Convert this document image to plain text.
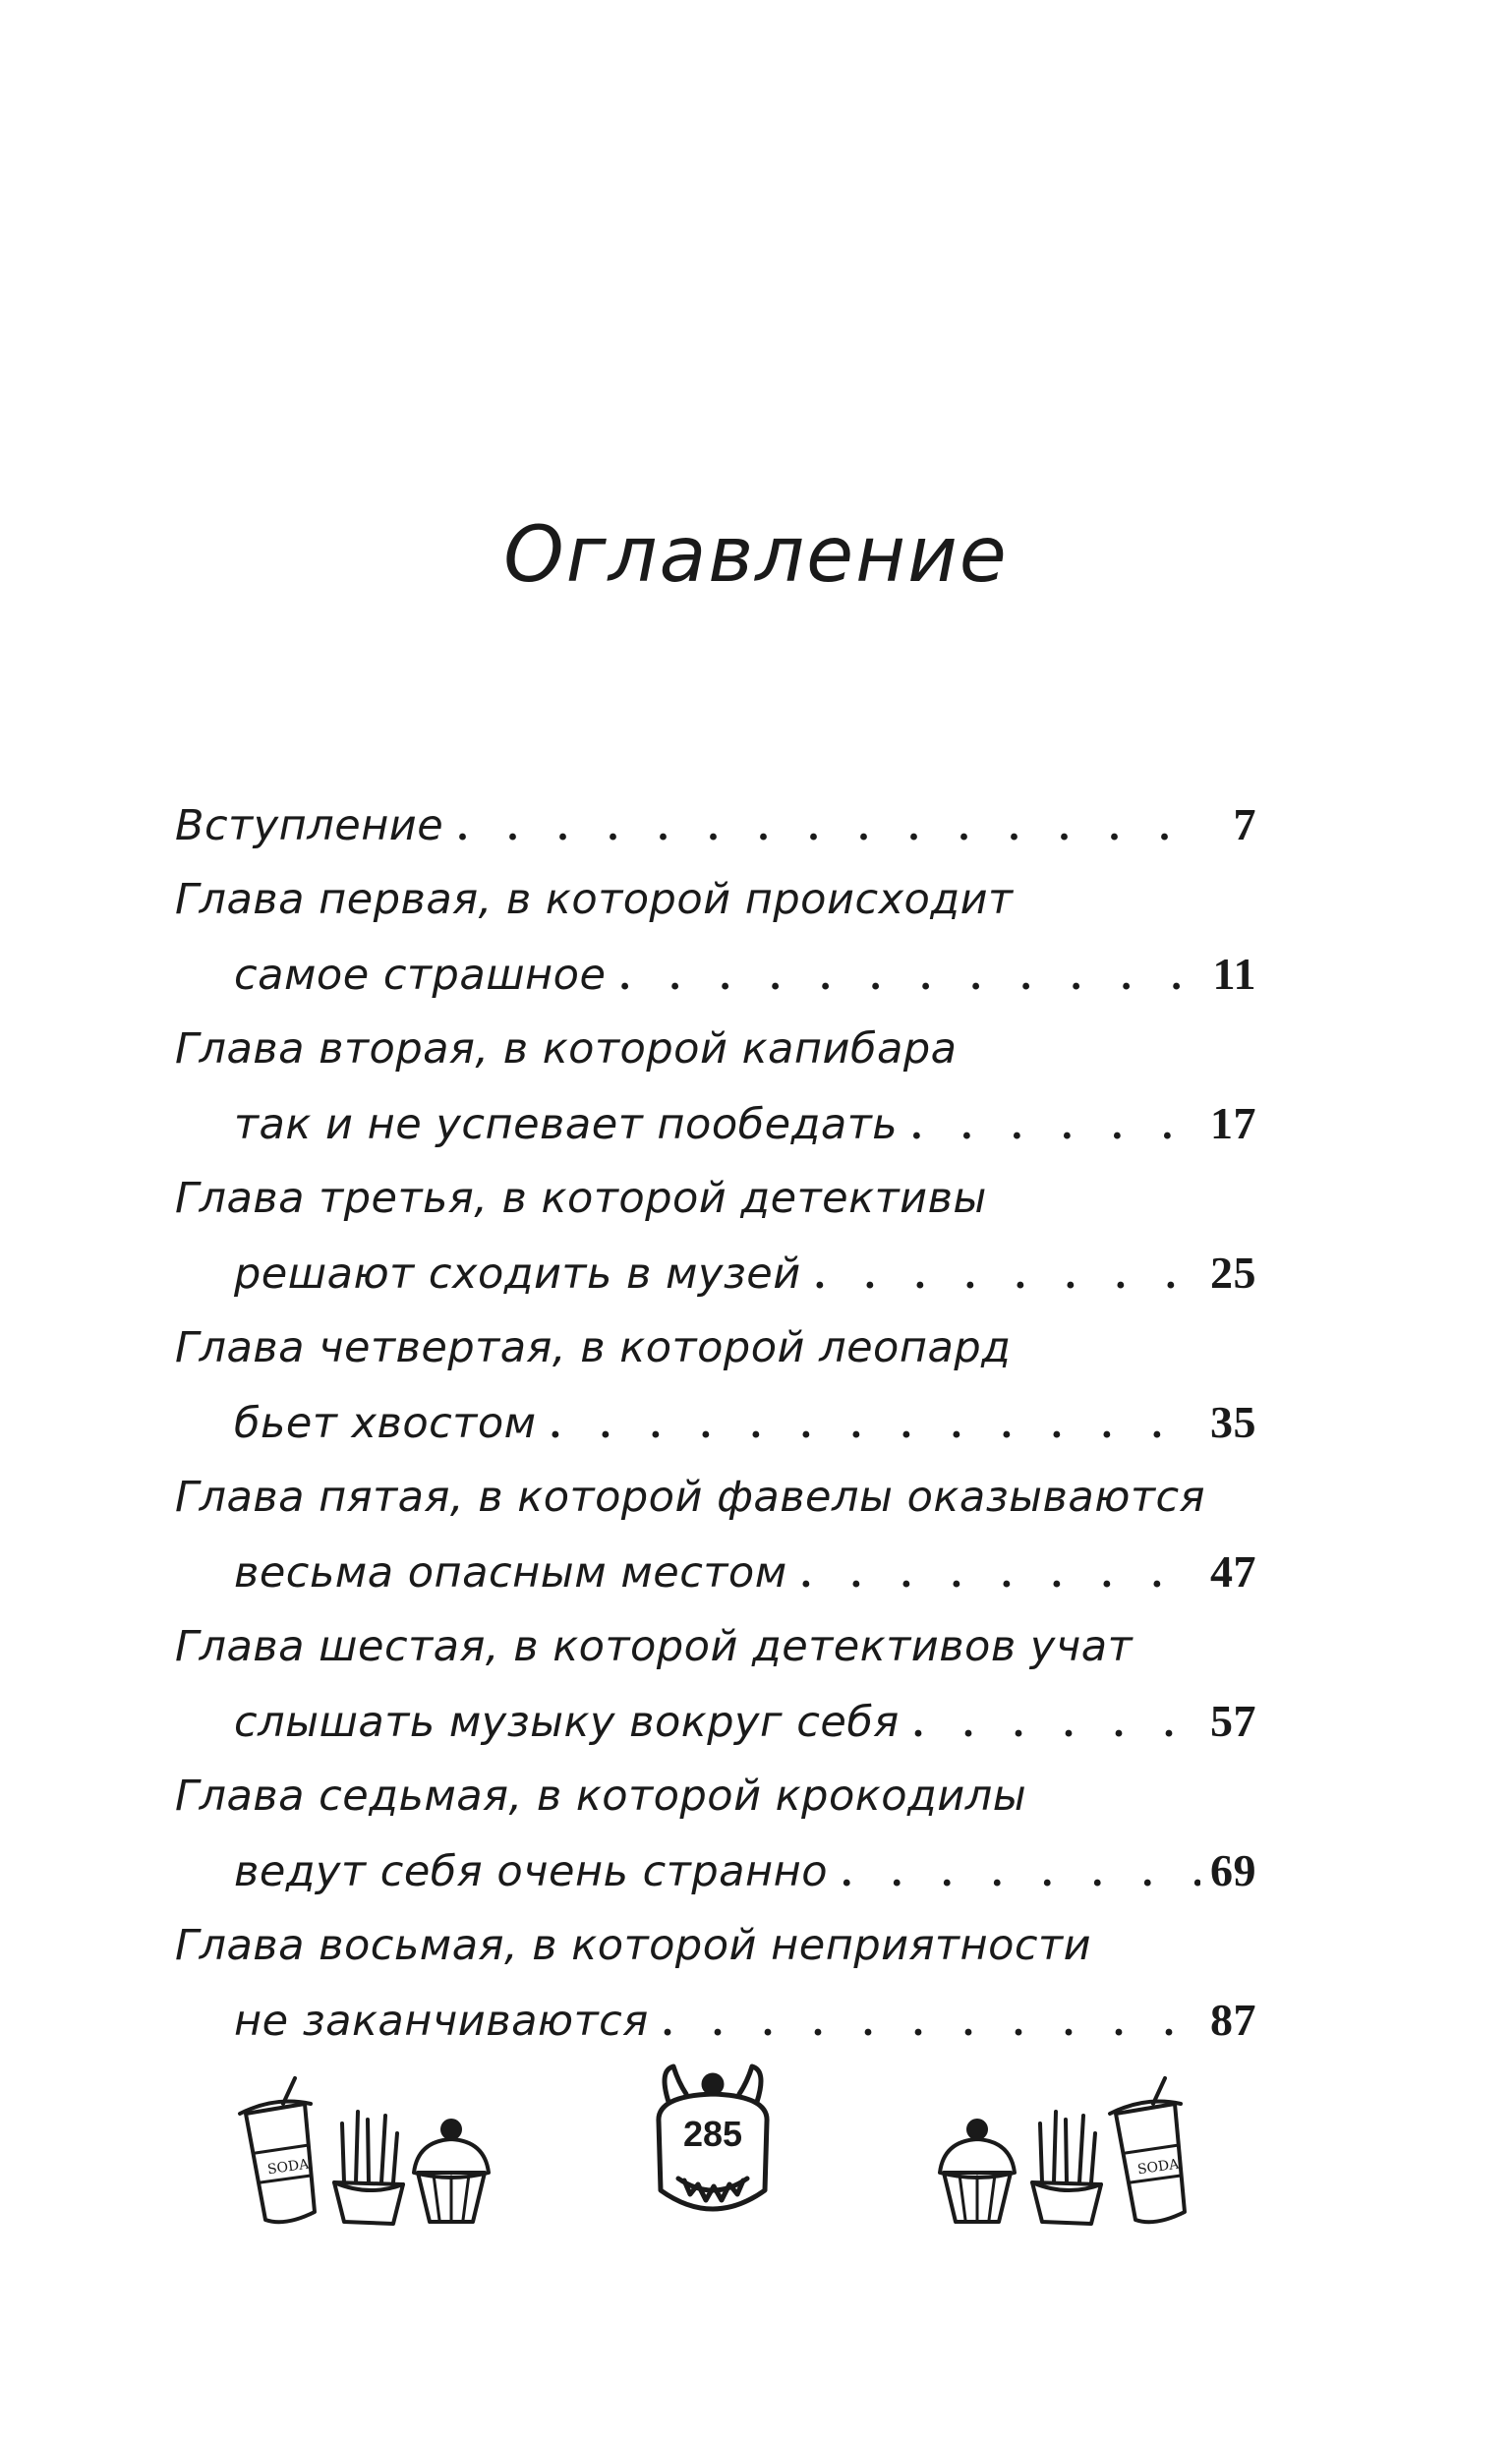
Оглавление
Вступление . . .	7
Глава первая, в которой происходит
самое страшное . . .	11
Глава вторая, в которой капибара
так и не успевает пообедать . . .	17
Глава третья, в которой детективы
решают сходить в музей . . .	25
Глава четвертая, в которой леопард
бьет хвостом . . .	35
Глава пятая, в которой фавелы оказываются
весьма опасным местом . . .	47
Глава шестая, в которой детективов учат
слышать музыку вокруг себя . . .	57
Глава седьмая, в которой крокодилы
ведут себя очень странно . . .	69
Глава восьмая, в которой неприятности
не заканчиваются . . .	87
SODA
285
SODA
